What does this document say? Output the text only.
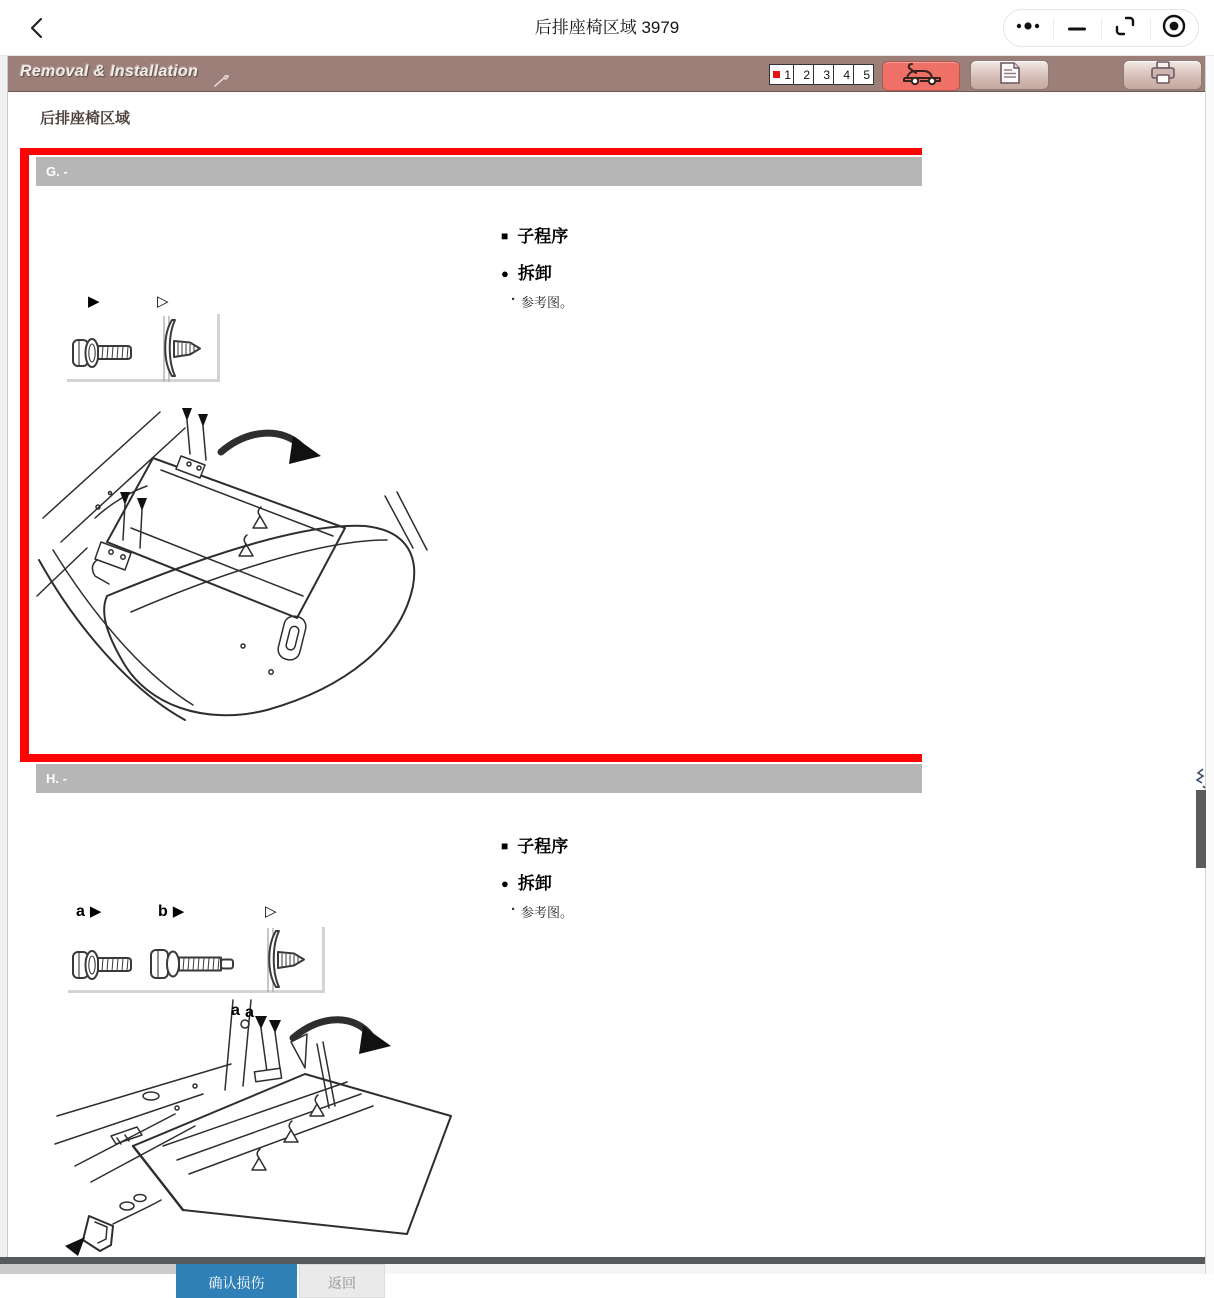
后排座椅区域 3979
Removal & Installation	1 2 3 4 5
后排座椅区域
G. -
■ 子程序
● 拆卸
· 参考图。
▶	▷
H. -
■ 子程序
● 拆卸
· 参考图。
a ▶	b ▶	▷
a a
确认损伤	返回
